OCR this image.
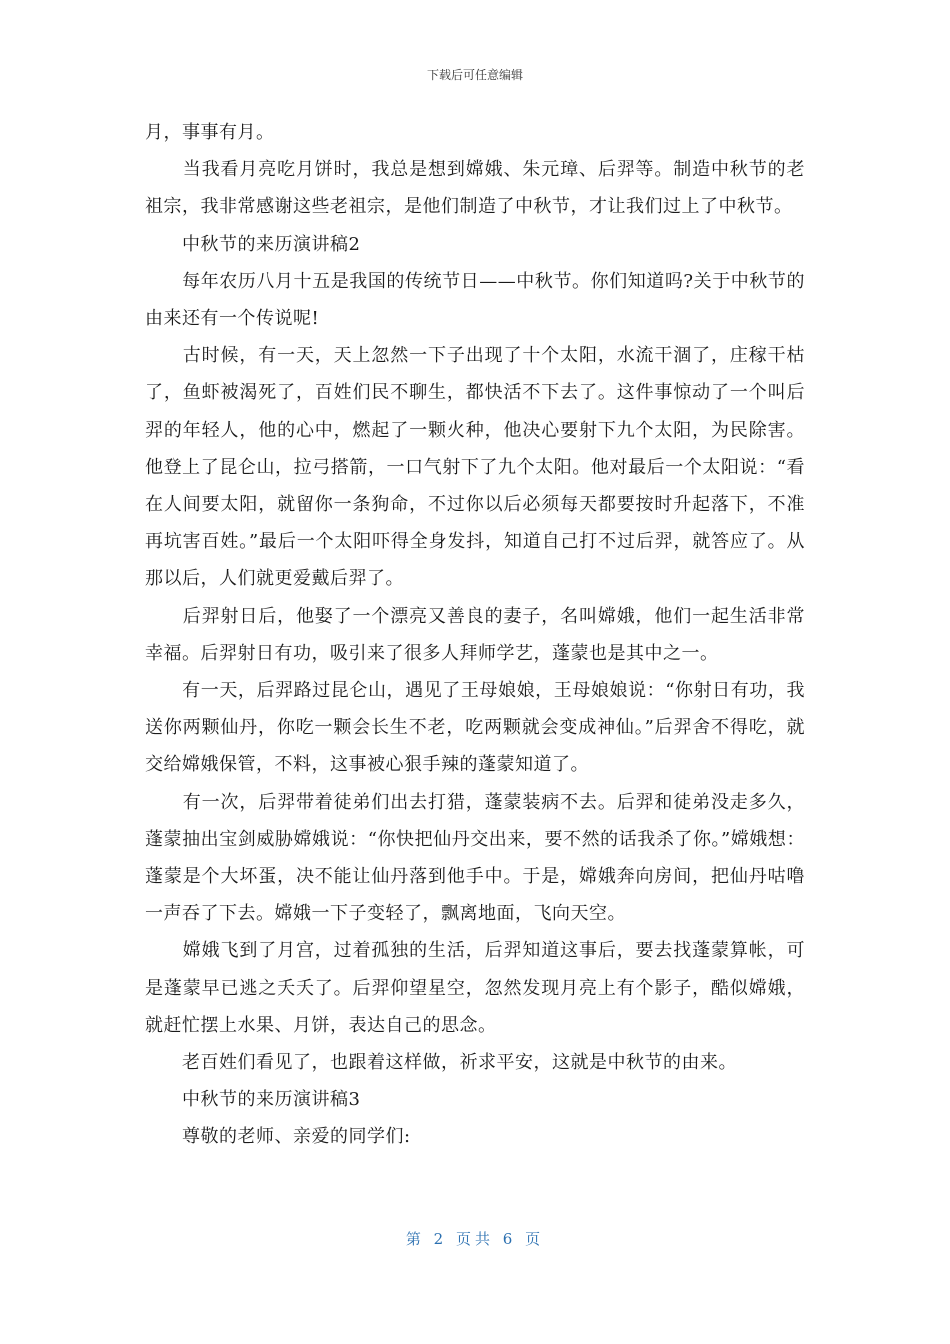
下载后可任意编辑

月，事事有月。

　　当我看月亮吃月饼时，我总是想到嫦娥、朱元璋、后羿等。制造中秋节的老祖宗，我非常感谢这些老祖宗，是他们制造了中秋节，才让我们过上了中秋节。

　　中秋节的来历演讲稿2

　　每年农历八月十五是我国的传统节日——中秋节。你们知道吗?关于中秋节的由来还有一个传说呢!

　　古时候，有一天，天上忽然一下子出现了十个太阳，水流干涸了，庄稼干枯了，鱼虾被渴死了，百姓们民不聊生，都快活不下去了。这件事惊动了一个叫后羿的年轻人，他的心中，燃起了一颗火种，他决心要射下九个太阳，为民除害。他登上了昆仑山，拉弓搭箭，一口气射下了九个太阳。他对最后一个太阳说：“看在人间要太阳，就留你一条狗命，不过你以后必须每天都要按时升起落下，不准再坑害百姓。”最后一个太阳吓得全身发抖，知道自己打不过后羿，就答应了。从那以后，人们就更爱戴后羿了。

　　后羿射日后，他娶了一个漂亮又善良的妻子，名叫嫦娥，他们一起生活非常幸福。后羿射日有功，吸引来了很多人拜师学艺，蓬蒙也是其中之一。

　　有一天，后羿路过昆仑山，遇见了王母娘娘，王母娘娘说：“你射日有功，我送你两颗仙丹，你吃一颗会长生不老，吃两颗就会变成神仙。”后羿舍不得吃，就交给嫦娥保管，不料，这事被心狠手辣的蓬蒙知道了。

　　有一次，后羿带着徒弟们出去打猎，蓬蒙装病不去。后羿和徒弟没走多久，蓬蒙抽出宝剑威胁嫦娥说：“你快把仙丹交出来，要不然的话我杀了你。”嫦娥想：蓬蒙是个大坏蛋，决不能让仙丹落到他手中。于是，嫦娥奔向房间，把仙丹咕噜一声吞了下去。嫦娥一下子变轻了，飘离地面，飞向天空。

　　嫦娥飞到了月宫，过着孤独的生活，后羿知道这事后，要去找蓬蒙算帐，可是蓬蒙早已逃之夭夭了。后羿仰望星空，忽然发现月亮上有个影子，酷似嫦娥，就赶忙摆上水果、月饼，表达自己的思念。

　　老百姓们看见了，也跟着这样做，祈求平安，这就是中秋节的由来。

　　中秋节的来历演讲稿3

　　尊敬的老师、亲爱的同学们:

第 2 页共 6 页
